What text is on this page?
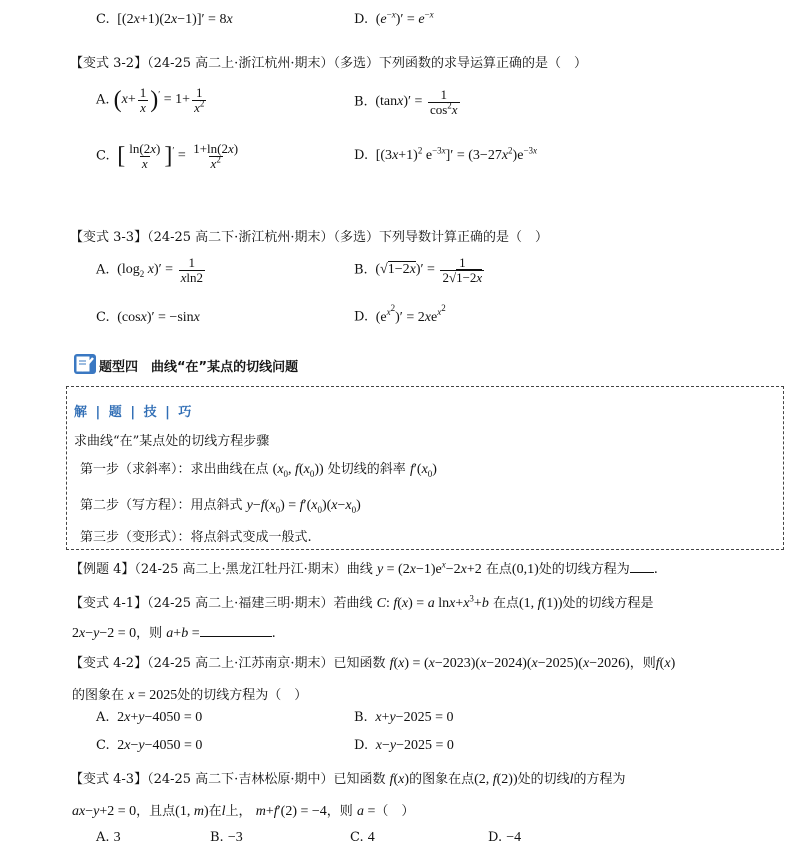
C.  [(2x+1)(2x−1)]′ = 8x	D.  $(e^{-x})' = e^{-x}$
【变式 3-2】（24-25 高二上·浙江杭州·期末）（多选）下列函数的求导运算正确的是（　）
A. $(x+ \frac{1}{x} )' = 1+ \frac{1}{x^2}$	B.  $(\tan x)' = \frac{1}{\cos^2x}$
C. [ $\frac{\ln(2x)}{x} ]' = \frac{1+\ln(2x)}{x^2}$	D.  [$(3x+1)^2$ $e^{-3x}]' = (3-27x^2)e^{-3x}$
【变式 3-3】（24-25 高二下·浙江杭州·期末）（多选）下列导数计算正确的是（　）
A.  ($\log_2$ $x)' = \frac{1}{xln2}$	B.  $(√1-2x)' = \frac{1}{2√1-2x}$
C.  (cosx)′ = −sinx	D.  $(e^{x^2})' = 2xe^{x^2}$
题型四　曲线“在”某点的切线问题
解 | 题 | 技 | 巧
求曲线“在”某点处的切线方程步骤
第一步（求斜率）：求出曲线在点 ($x_0$, $f(x_0)$) 处切线的斜率 $f'(x_0)$
第二步（写方程）：用点斜式 $y-f(x_0) = f'(x_0)(x-x_0)$
第三步（变形式）：将点斜式变成一般式.
【例题 4】（24-25 高二上·黑龙江牡丹江·期末）曲线 $y = (2x-1)e^x-2x+2$ 在点(0,1)处的切线方程为 .
【变式 4-1】（24-25 高二上·福建三明·期末）若曲线 C: f(x) = a $\ln x+x^3+b$ 在点(1, f(1))处的切线方程是
2x−y−2 = 0，则 a+b =	.
【变式 4-2】（24-25 高二上·江苏南京·期末）已知函数 f(x) = (x−2023)(x−2024)(x−2025)(x−2026)，则f(x)
的图象在 x = 2025处的切线方程为（　）
A.  2x+y−4050 = 0	B. x+y−2025 = 0
C.  2x−y−4050 = 0	D. x−y−2025 = 0
【变式 4-3】（24-25 高二下·吉林松原·期中）已知函数 f(x)的图象在点(2, f(2))处的切线l的方程为
ax−y+2 = 0，且点(1, m)在l上， m+f′(2) = −4，则 a =（　）
A. 3	B. −3	C. 4	D. −4
